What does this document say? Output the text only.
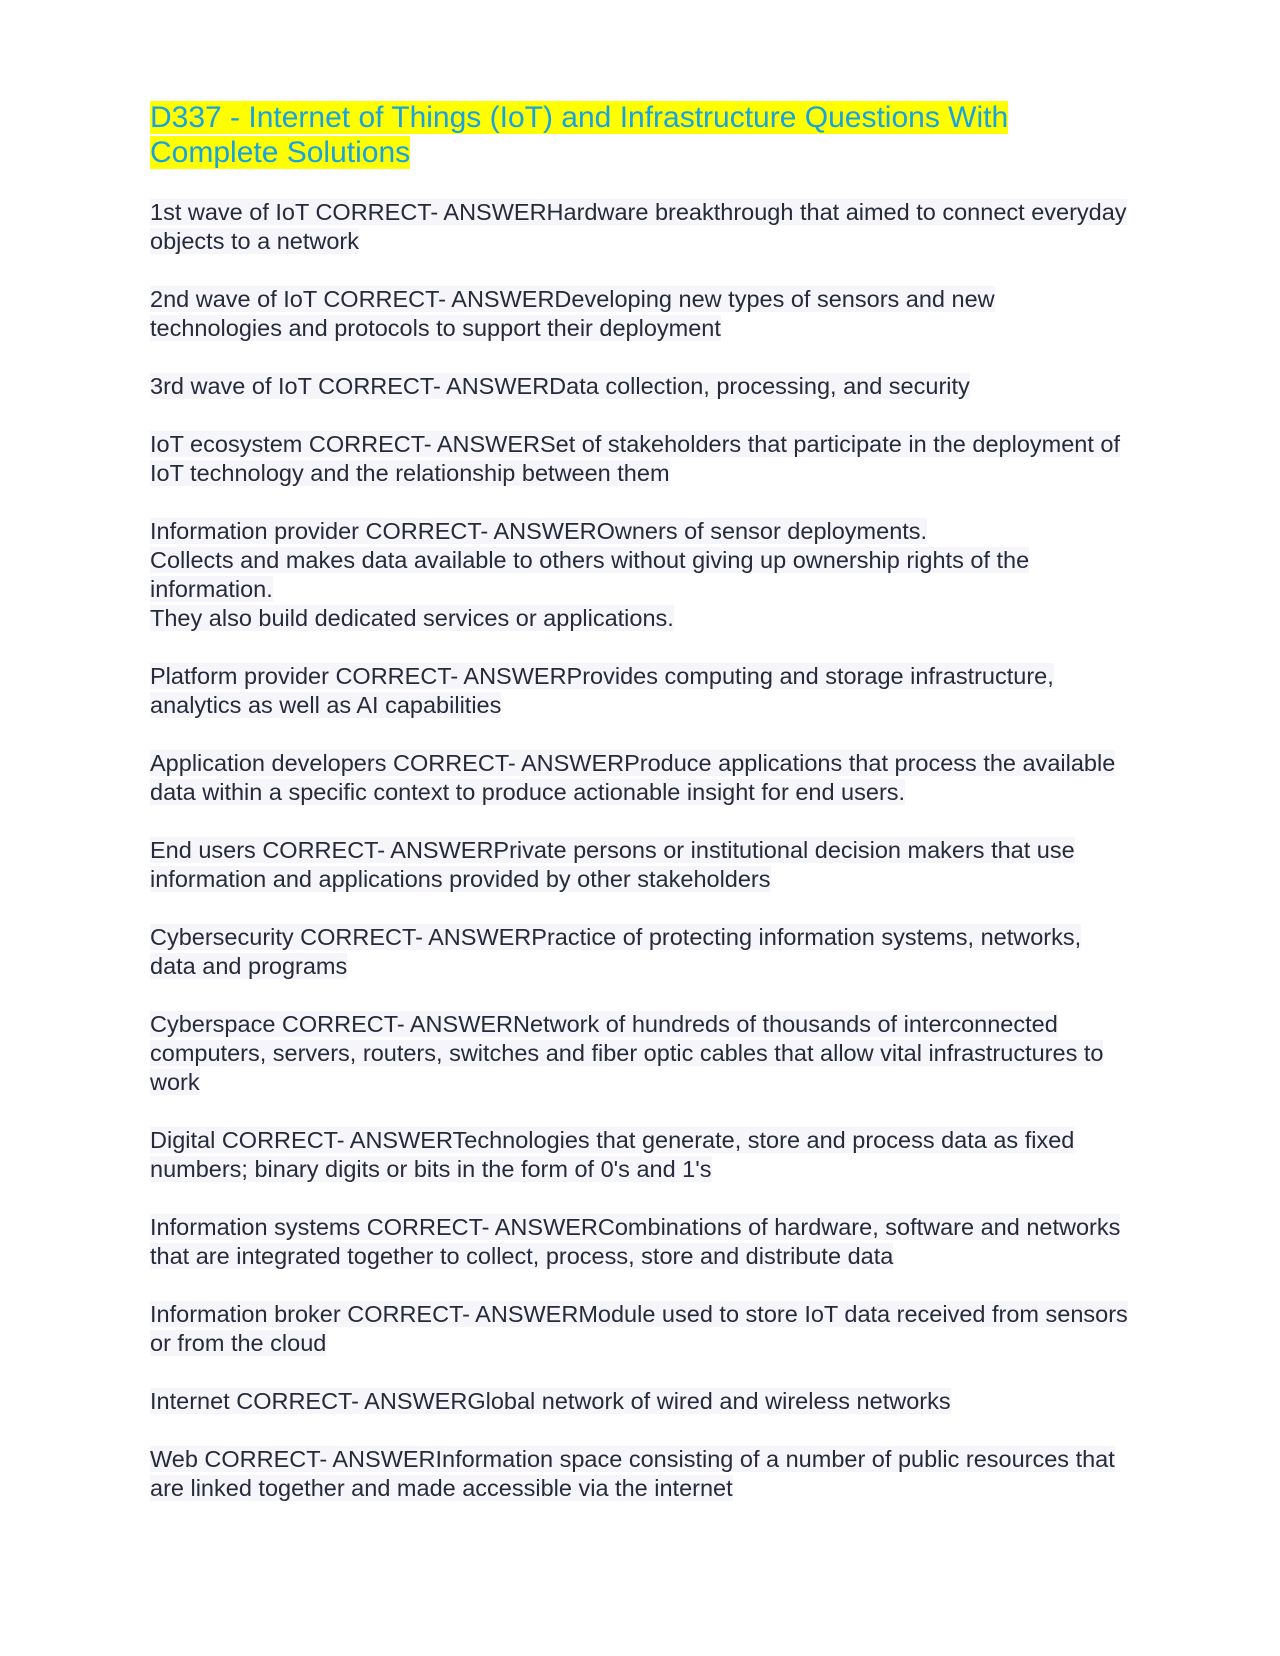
D337 - Internet of Things (IoT) and Infrastructure Questions With Complete Solutions

1st wave of IoT CORRECT- ANSWERHardware breakthrough that aimed to connect everyday objects to a network

2nd wave of IoT CORRECT- ANSWERDeveloping new types of sensors and new technologies and protocols to support their deployment

3rd wave of IoT CORRECT- ANSWERData collection, processing, and security

IoT ecosystem CORRECT- ANSWERSet of stakeholders that participate in the deployment of IoT technology and the relationship between them

Information provider CORRECT- ANSWEROwners of sensor deployments.
Collects and makes data available to others without giving up ownership rights of the information.
They also build dedicated services or applications.

Platform provider CORRECT- ANSWERProvides computing and storage infrastructure, analytics as well as AI capabilities

Application developers CORRECT- ANSWERProduce applications that process the available data within a specific context to produce actionable insight for end users.

End users CORRECT- ANSWERPrivate persons or institutional decision makers that use information and applications provided by other stakeholders

Cybersecurity CORRECT- ANSWERPractice of protecting information systems, networks, data and programs

Cyberspace CORRECT- ANSWERNetwork of hundreds of thousands of interconnected computers, servers, routers, switches and fiber optic cables that allow vital infrastructures to work

Digital CORRECT- ANSWERTechnologies that generate, store and process data as fixed numbers; binary digits or bits in the form of 0's and 1's

Information systems CORRECT- ANSWERCombinations of hardware, software and networks that are integrated together to collect, process, store and distribute data

Information broker CORRECT- ANSWERModule used to store IoT data received from sensors or from the cloud

Internet CORRECT- ANSWERGlobal network of wired and wireless networks

Web CORRECT- ANSWERInformation space consisting of a number of public resources that are linked together and made accessible via the internet
